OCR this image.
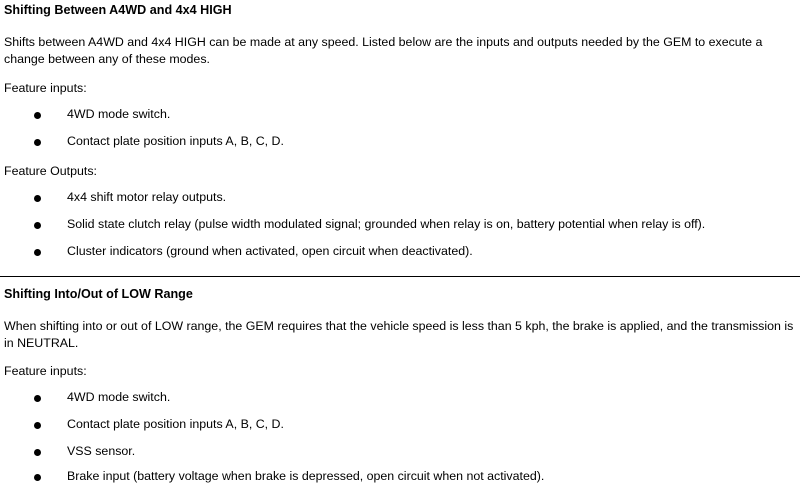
Shifting Between A4WD and 4x4 HIGH
Shifts between A4WD and 4x4 HIGH can be made at any speed. Listed below are the inputs and outputs needed by the GEM to execute a change between any of these modes.
Feature inputs:
4WD mode switch.
Contact plate position inputs A, B, C, D.
Feature Outputs:
4x4 shift motor relay outputs.
Solid state clutch relay (pulse width modulated signal; grounded when relay is on, battery potential when relay is off).
Cluster indicators (ground when activated, open circuit when deactivated).
Shifting Into/Out of LOW Range
When shifting into or out of LOW range, the GEM requires that the vehicle speed is less than 5 kph, the brake is applied, and the transmission is in NEUTRAL.
Feature inputs:
4WD mode switch.
Contact plate position inputs A, B, C, D.
VSS sensor.
Brake input (battery voltage when brake is depressed, open circuit when not activated).
